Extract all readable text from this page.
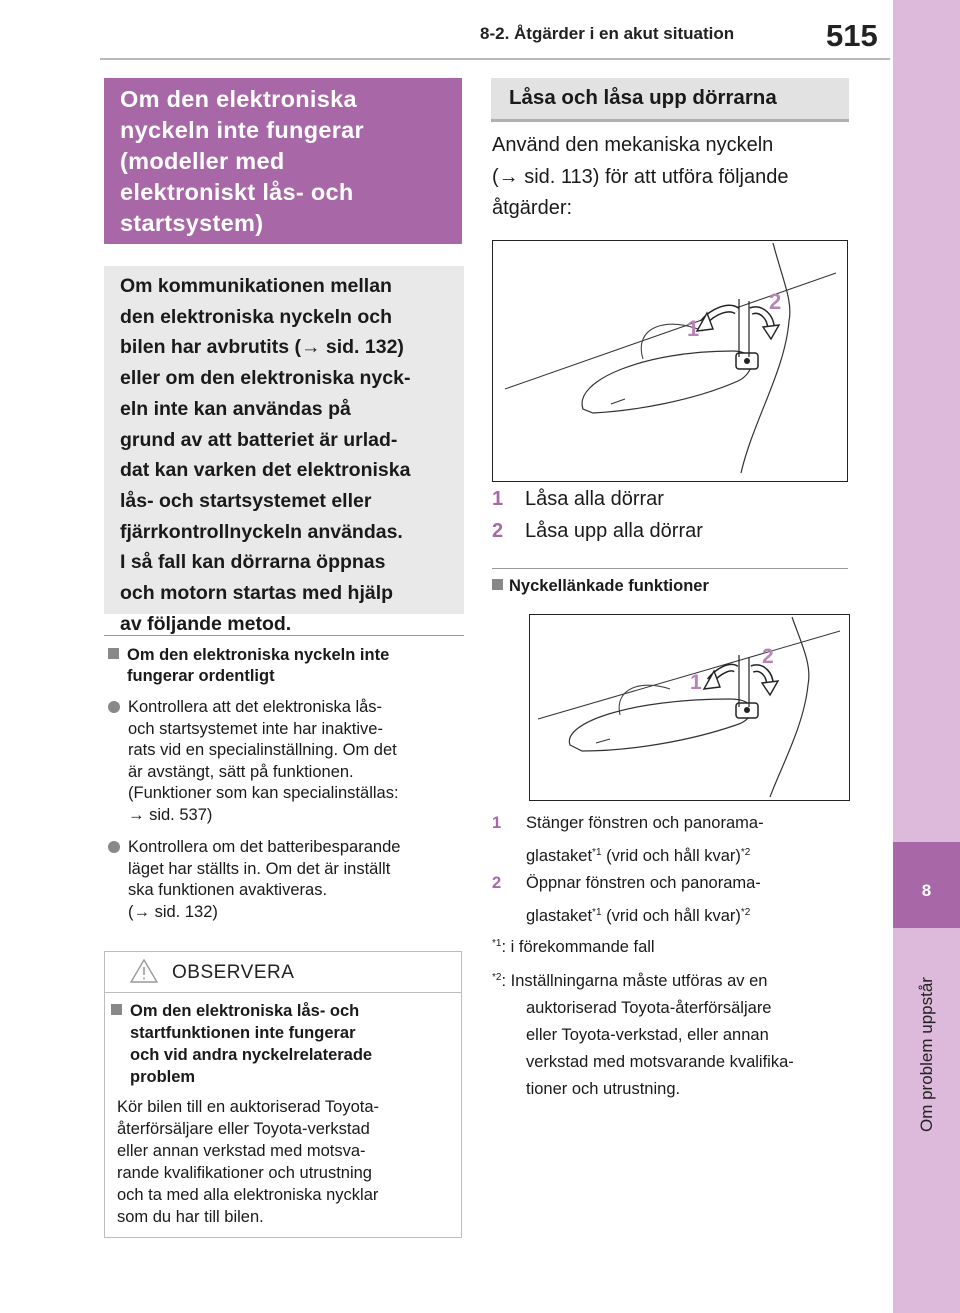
8-2. Åtgärder i en akut situation	515
8
Om problem uppstår
Om den elektroniska
nyckeln inte fungerar
(modeller med
elektroniskt lås- och
startsystem)
Om kommunikationen mellan
den elektroniska nyckeln och
bilen har avbrutits (→ sid. 132)
eller om den elektroniska nyck-
eln inte kan användas på
grund av att batteriet är urlad-
dat kan varken det elektroniska
lås- och startsystemet eller
fjärrkontrollnyckeln användas.
I så fall kan dörrarna öppnas
och motorn startas med hjälp
av följande metod.
Om den elektroniska nyckeln inte
fungerar ordentligt
Kontrollera att det elektroniska lås-
och startsystemet inte har inaktive-
rats vid en specialinställning. Om det
är avstängt, sätt på funktionen.
(Funktioner som kan specialinställas:
→ sid. 537)
Kontrollera om det batteribesparande
läget har ställts in. Om det är inställt
ska funktionen avaktiveras.
(→ sid. 132)
OBSERVERA
Om den elektroniska lås- och
startfunktionen inte fungerar
och vid andra nyckelrelaterade
problem
Kör bilen till en auktoriserad Toyota-
återförsäljare eller Toyota-verkstad
eller annan verkstad med motsva-
rande kvalifikationer och utrustning
och ta med alla elektroniska nycklar
som du har till bilen.
Låsa och låsa upp dörrarna
Använd den mekaniska nyckeln
(→ sid. 113) för att utföra följande
åtgärder:
1
2
1 Låsa alla dörrar
2 Låsa upp alla dörrar
Nyckellänkade funktioner
1
2
1 Stänger fönstren och panorama-
glastaket$^{*1}$ (vrid och håll kvar)$^{*2}$
2 Öppnar fönstren och panorama-
glastaket$^{*1}$ (vrid och håll kvar)$^{*2}$
$^{*1}$: i förekommande fall
$^{*2}$: Inställningarna måste utföras av en
auktoriserad Toyota-återförsäljare
eller Toyota-verkstad, eller annan
verkstad med motsvarande kvalifika-
tioner och utrustning.
